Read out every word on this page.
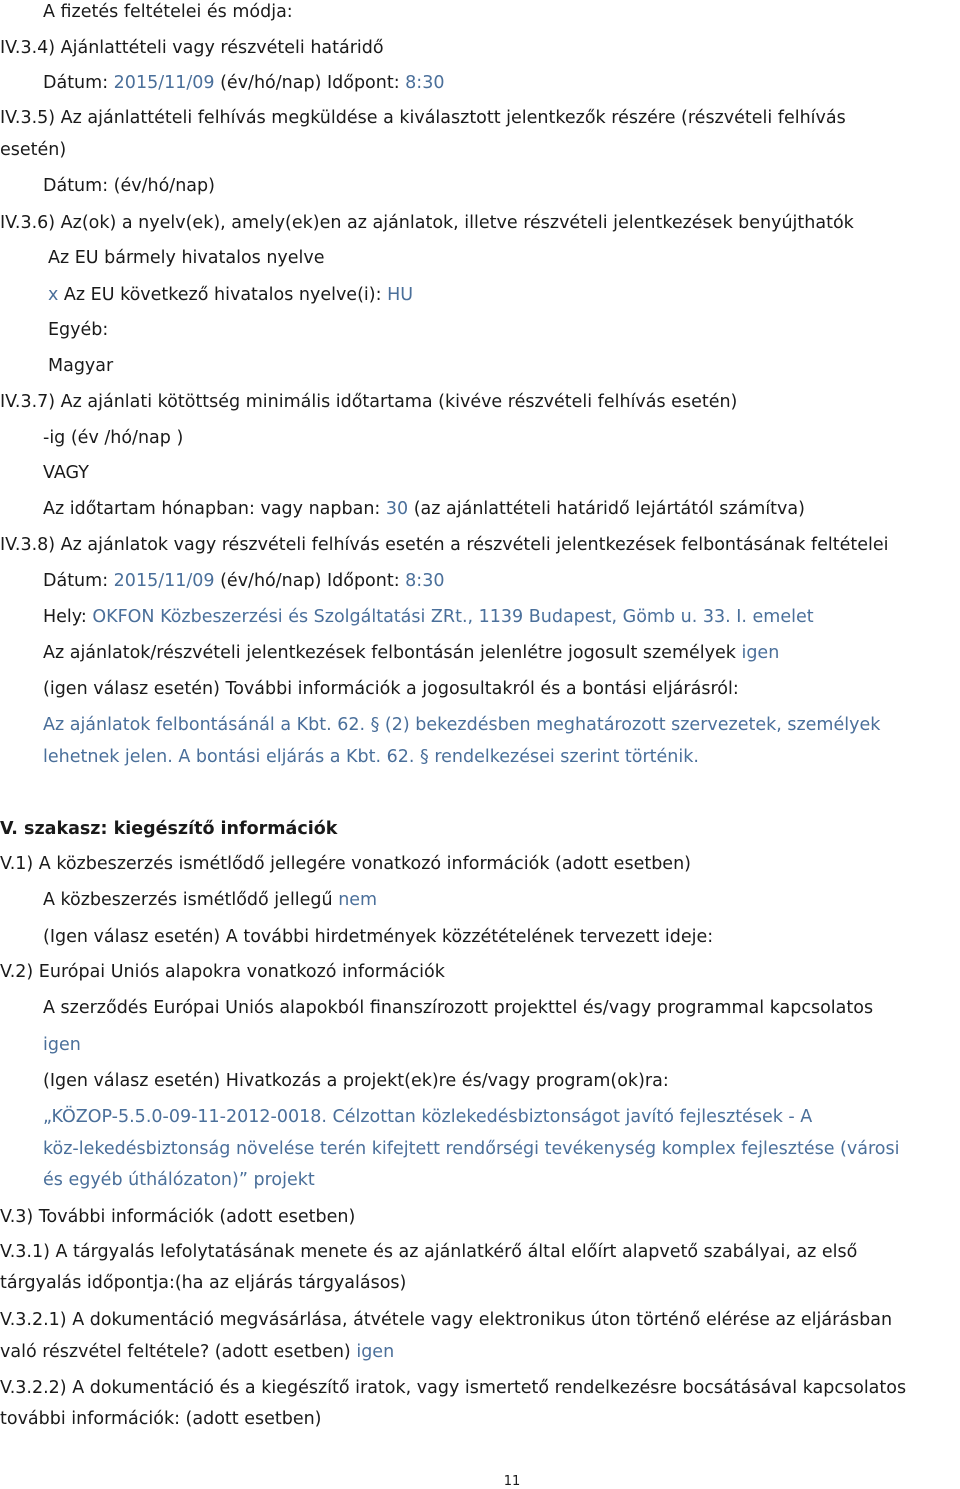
A fizetés feltételei és módja:
IV.3.4) Ajánlattételi vagy részvételi határidő
Dátum: 2015/11/09 (év/hó/nap) Időpont: 8:30
IV.3.5) Az ajánlattételi felhívás megküldése a kiválasztott jelentkezők részére (részvételi felhívás
esetén)
Dátum: (év/hó/nap)
IV.3.6) Az(ok) a nyelv(ek), amely(ek)en az ajánlatok, illetve részvételi jelentkezések benyújthatók
Az EU bármely hivatalos nyelve
x Az EU következő hivatalos nyelve(i): HU
Egyéb:
Magyar
IV.3.7) Az ajánlati kötöttség minimális időtartama (kivéve részvételi felhívás esetén)
-ig (év /hó/nap )
VAGY
Az időtartam hónapban: vagy napban: 30 (az ajánlattételi határidő lejártától számítva)
IV.3.8) Az ajánlatok vagy részvételi felhívás esetén a részvételi jelentkezések felbontásának feltételei
Dátum: 2015/11/09 (év/hó/nap) Időpont: 8:30
Hely: OKFON Közbeszerzési és Szolgáltatási ZRt., 1139 Budapest, Gömb u. 33. I. emelet
Az ajánlatok/részvételi jelentkezések felbontásán jelenlétre jogosult személyek igen
(igen válasz esetén) További információk a jogosultakról és a bontási eljárásról:
Az ajánlatok felbontásánál a Kbt. 62. § (2) bekezdésben meghatározott szervezetek, személyek
lehetnek jelen. A bontási eljárás a Kbt. 62. § rendelkezései szerint történik.
V. szakasz: kiegészítő információk
V.1) A közbeszerzés ismétlődő jellegére vonatkozó információk (adott esetben)
A közbeszerzés ismétlődő jellegű nem
(Igen válasz esetén) A további hirdetmények közzétételének tervezett ideje:
V.2) Európai Uniós alapokra vonatkozó információk
A szerződés Európai Uniós alapokból finanszírozott projekttel és/vagy programmal kapcsolatos
igen
(Igen válasz esetén) Hivatkozás a projekt(ek)re és/vagy program(ok)ra:
„KÖZOP-5.5.0-09-11-2012-0018. Célzottan közlekedésbiztonságot javító fejlesztések - A
köz-lekedésbiztonság növelése terén kifejtett rendőrségi tevékenység komplex fejlesztése (városi
és egyéb úthálózaton)” projekt
V.3) További információk (adott esetben)
V.3.1) A tárgyalás lefolytatásának menete és az ajánlatkérő által előírt alapvető szabályai, az első
tárgyalás időpontja:(ha az eljárás tárgyalásos)
V.3.2.1) A dokumentáció megvásárlása, átvétele vagy elektronikus úton történő elérése az eljárásban
való részvétel feltétele? (adott esetben) igen
V.3.2.2) A dokumentáció és a kiegészítő iratok, vagy ismertető rendelkezésre bocsátásával kapcsolatos
további információk: (adott esetben)
11
